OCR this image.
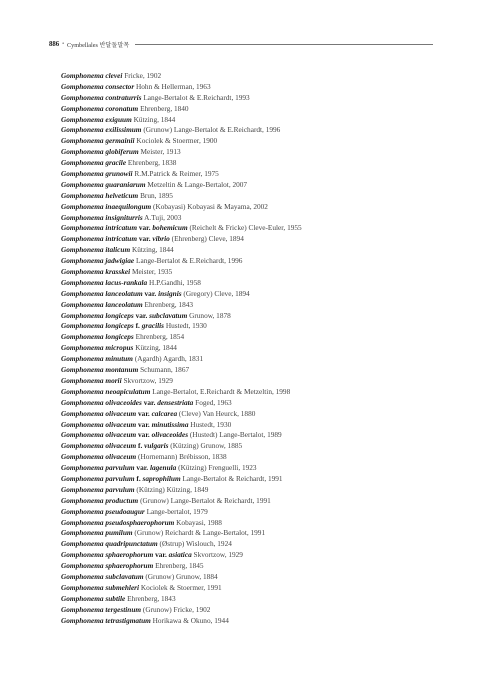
886 • Cymbellales 반달돌말목
Gomphonema clevei Fricke, 1902
Gomphonema consector Hohn & Hellerman, 1963
Gomphonema contraturris Lange-Bertalot & E.Reichardt, 1993
Gomphonema coronatum Ehrenberg, 1840
Gomphonema exiguum Kützing, 1844
Gomphonema exilissimum (Grunow) Lange-Bertalot & E.Reichardt, 1996
Gomphonema germainii Kociolek & Stoermer, 1900
Gomphonema globiferum Meister, 1913
Gomphonema gracile Ehrenberg, 1838
Gomphonema grunowii R.M.Patrick & Reimer, 1975
Gomphonema guaraniarum Metzeltin & Lange-Bertalot, 2007
Gomphonema helveticum Brun, 1895
Gomphonema inaequilongum (Kobayasi) Kobayasi & Mayama, 2002
Gomphonema insigniturris A.Tuji, 2003
Gomphonema intricatum var. bohemicum (Reichelt & Fricke) Cleve-Euler, 1955
Gomphonema intricatum var. vibrio (Ehrenberg) Cleve, 1894
Gomphonema italicum Kützing, 1844
Gomphonema jadwigiae Lange-Bertalot & E.Reichardt, 1996
Gomphonema krasskei Meister, 1935
Gomphonema lacus-rankala H.P.Gandhi, 1958
Gomphonema lanceolatum var. insignis (Gregory) Cleve, 1894
Gomphonema lanceolatum Ehrenberg, 1843
Gomphonema longiceps var. subclavatum Grunow, 1878
Gomphonema longiceps f. gracilis Hustedt, 1930
Gomphonema longiceps Ehrenberg, 1854
Gomphonema micropus Kützing, 1844
Gomphonema minutum (Agardh) Agardh, 1831
Gomphonema montanum Schumann, 1867
Gomphonema morii Skvortzow, 1929
Gomphonema neoapiculatum Lange-Bertalot, E.Reichardt & Metzeltin, 1998
Gomphonema olivaceoides var. densestriata Foged, 1963
Gomphonema olivaceum var. calcarea (Cleve) Van Heurck, 1880
Gomphonema olivaceum var. minutissima Hustedt, 1930
Gomphonema olivaceum var. olivaceoides (Hustedt) Lange-Bertalot, 1989
Gomphonema olivaceum f. vulgaris (Kützing) Grunow, 1885
Gomphonema olivaceum (Hornemann) Brébisson, 1838
Gomphonema parvulum var. lagenula (Kützing) Frenguelli, 1923
Gomphonema parvulum f. saprophilum Lange-Bertalot & Reichardt, 1991
Gomphonema parvulum (Kützing) Kützing, 1849
Gomphonema productum (Grunow) Lange-Bertalot & Reichardt, 1991
Gomphonema pseudoaugur Lange-bertalot, 1979
Gomphonema pseudosphaerophorum Kobayasi, 1988
Gomphonema pumilum (Grunow) Reichardt & Lange-Bertalot, 1991
Gomphonema quadripunctatum (Østrup) Wislouch, 1924
Gomphonema sphaerophorum var. asiatica Skvortzow, 1929
Gomphonema sphaerophorum Ehrenberg, 1845
Gomphonema subclavatum (Grunow) Grunow, 1884
Gomphonema submehleri Kociolek & Stoermer, 1991
Gomphonema subtile Ehrenberg, 1843
Gomphonema tergestinum (Grunow) Fricke, 1902
Gomphonema tetrastigmatum Horikawa & Okuno, 1944
